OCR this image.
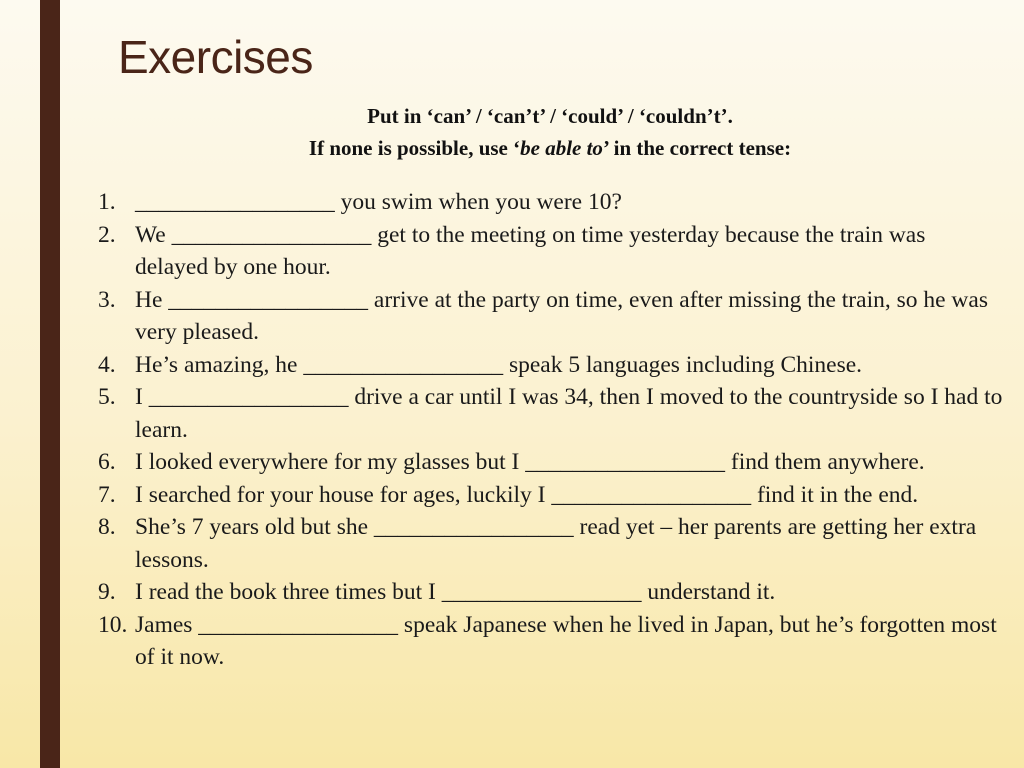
Exercises

Put in ‘can’ / ‘can’t’ / ‘could’ / ‘couldn’t’.

If none is possible, use ‘be able to’ in the correct tense:

1. _________________ you swim when you were 10?
2. We _________________ get to the meeting on time yesterday because the train was delayed by one hour.
3. He _________________ arrive at the party on time, even after missing the train, so he was very pleased.
4. He’s amazing, he _________________ speak 5 languages including Chinese.
5. I _________________ drive a car until I was 34, then I moved to the countryside so I had to learn.
6. I looked everywhere for my glasses but I _________________ find them anywhere.
7. I searched for your house for ages, luckily I _________________ find it in the end.
8. She’s 7 years old but she _________________ read yet – her parents are getting her extra lessons.
9. I read the book three times but I _________________ understand it.
10. James _________________ speak Japanese when he lived in Japan, but he’s forgotten most of it now.
